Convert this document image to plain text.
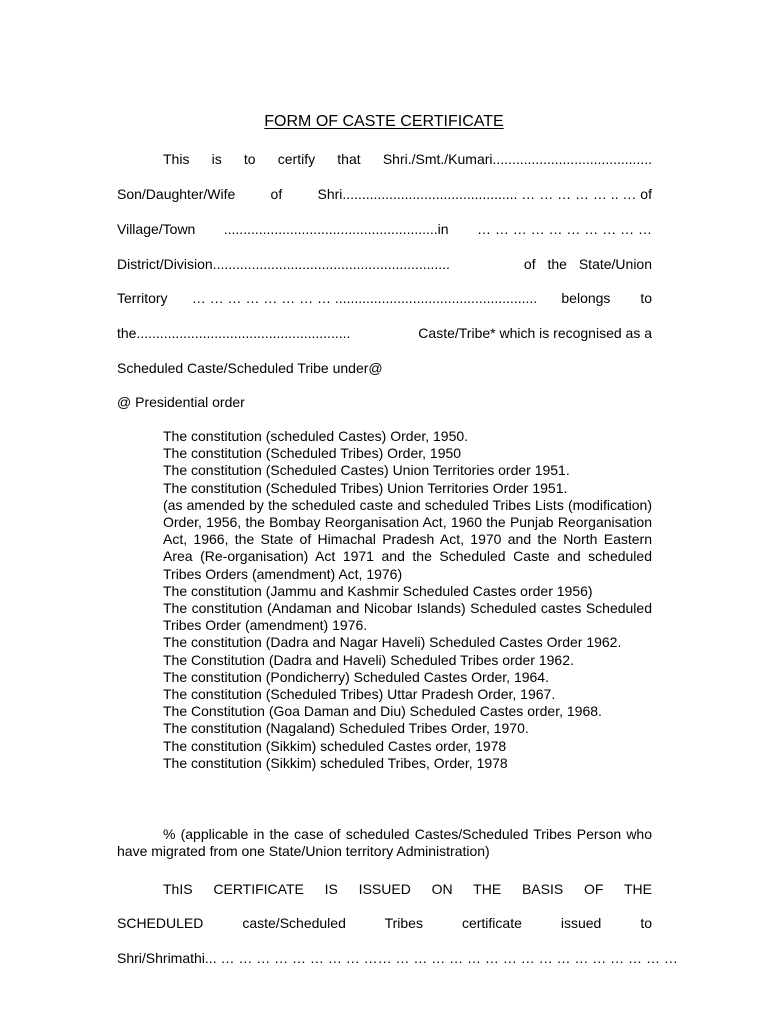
FORM OF CASTE CERTIFICATE
This is to certify that Shri./Smt./Kumari.........................................
Son/Daughter/Wife	of	Shri............................................. … … … … … .. … of
Village/Town .......................................................in … … … … … … … … … …
District/Division.............................................................	of the State/Union
Territory … … … … … … … … .................................................... belongs to
the.......................................................	Caste/Tribe* which is recognised as a
Scheduled Caste/Scheduled Tribe under@
@ Presidential order
The constitution (scheduled Castes) Order, 1950.
The constitution (Scheduled Tribes) Order, 1950
The constitution (Scheduled Castes) Union Territories order 1951.
The constitution (Scheduled Tribes) Union Territories Order 1951.
(as amended by the scheduled caste and scheduled Tribes Lists (modification) Order, 1956, the Bombay Reorganisation Act, 1960 the Punjab Reorganisation Act, 1966, the State of Himachal Pradesh Act, 1970 and the North Eastern Area (Re-organisation) Act 1971 and the Scheduled Caste and scheduled Tribes Orders (amendment) Act, 1976)
The constitution (Jammu and Kashmir Scheduled Castes order 1956)
The constitution (Andaman and Nicobar Islands) Scheduled castes Scheduled Tribes Order (amendment) 1976.
The constitution (Dadra and Nagar Haveli) Scheduled Castes Order 1962.
The Constitution (Dadra and Haveli) Scheduled Tribes order 1962.
The constitution (Pondicherry) Scheduled Castes Order, 1964.
The constitution (Scheduled Tribes) Uttar Pradesh Order, 1967.
The Constitution (Goa Daman and Diu) Scheduled Castes order, 1968.
The constitution (Nagaland) Scheduled Tribes Order, 1970.
The constitution (Sikkim) scheduled Castes order, 1978
The constitution (Sikkim) scheduled Tribes, Order, 1978
% (applicable in the case of scheduled Castes/Scheduled Tribes Person who have migrated from one State/Union territory Administration)
ThIS CERTIFICATE IS ISSUED ON THE BASIS OF THE
SCHEDULED caste/Scheduled Tribes certificate issued to
Shri/Shrimathi... … … … … … … … … … … … … … … … … … … … … … … … … … …
